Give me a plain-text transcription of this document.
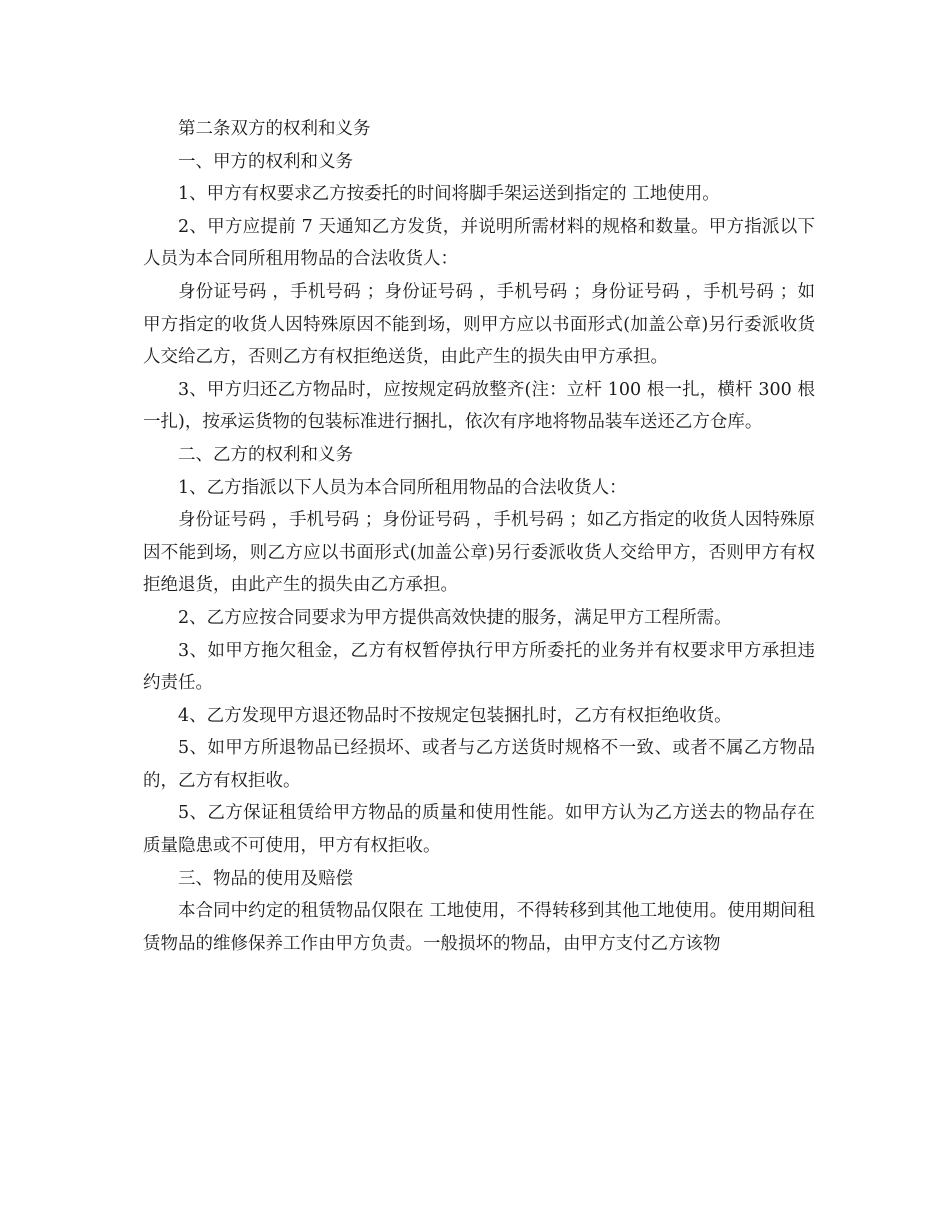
第二条双方的权利和义务

一、甲方的权利和义务

1、甲方有权要求乙方按委托的时间将脚手架运送到指定的 工地使用。

2、甲方应提前 7 天通知乙方发货，并说明所需材料的规格和数量。甲方指派以下人员为本合同所租用物品的合法收货人：

身份证号码 ，手机号码 ；身份证号码 ，手机号码 ；身份证号码 ，手机号码 ；如甲方指定的收货人因特殊原因不能到场，则甲方应以书面形式(加盖公章)另行委派收货人交给乙方，否则乙方有权拒绝送货，由此产生的损失由甲方承担。

3、甲方归还乙方物品时，应按规定码放整齐(注：立杆 100 根一扎，横杆 300 根一扎)，按承运货物的包装标准进行捆扎，依次有序地将物品装车送还乙方仓库。

二、乙方的权利和义务

1、乙方指派以下人员为本合同所租用物品的合法收货人：

身份证号码 ，手机号码 ；身份证号码 ，手机号码 ；如乙方指定的收货人因特殊原因不能到场，则乙方应以书面形式(加盖公章)另行委派收货人交给甲方，否则甲方有权拒绝退货，由此产生的损失由乙方承担。

2、乙方应按合同要求为甲方提供高效快捷的服务，满足甲方工程所需。

3、如甲方拖欠租金，乙方有权暂停执行甲方所委托的业务并有权要求甲方承担违约责任。

4、乙方发现甲方退还物品时不按规定包装捆扎时，乙方有权拒绝收货。

5、如甲方所退物品已经损坏、或者与乙方送货时规格不一致、或者不属乙方物品的，乙方有权拒收。

5、乙方保证租赁给甲方物品的质量和使用性能。如甲方认为乙方送去的物品存在质量隐患或不可使用，甲方有权拒收。

三、物品的使用及赔偿

本合同中约定的租赁物品仅限在 工地使用，不得转移到其他工地使用。使用期间租赁物品的维修保养工作由甲方负责。一般损坏的物品，由甲方支付乙方该物
